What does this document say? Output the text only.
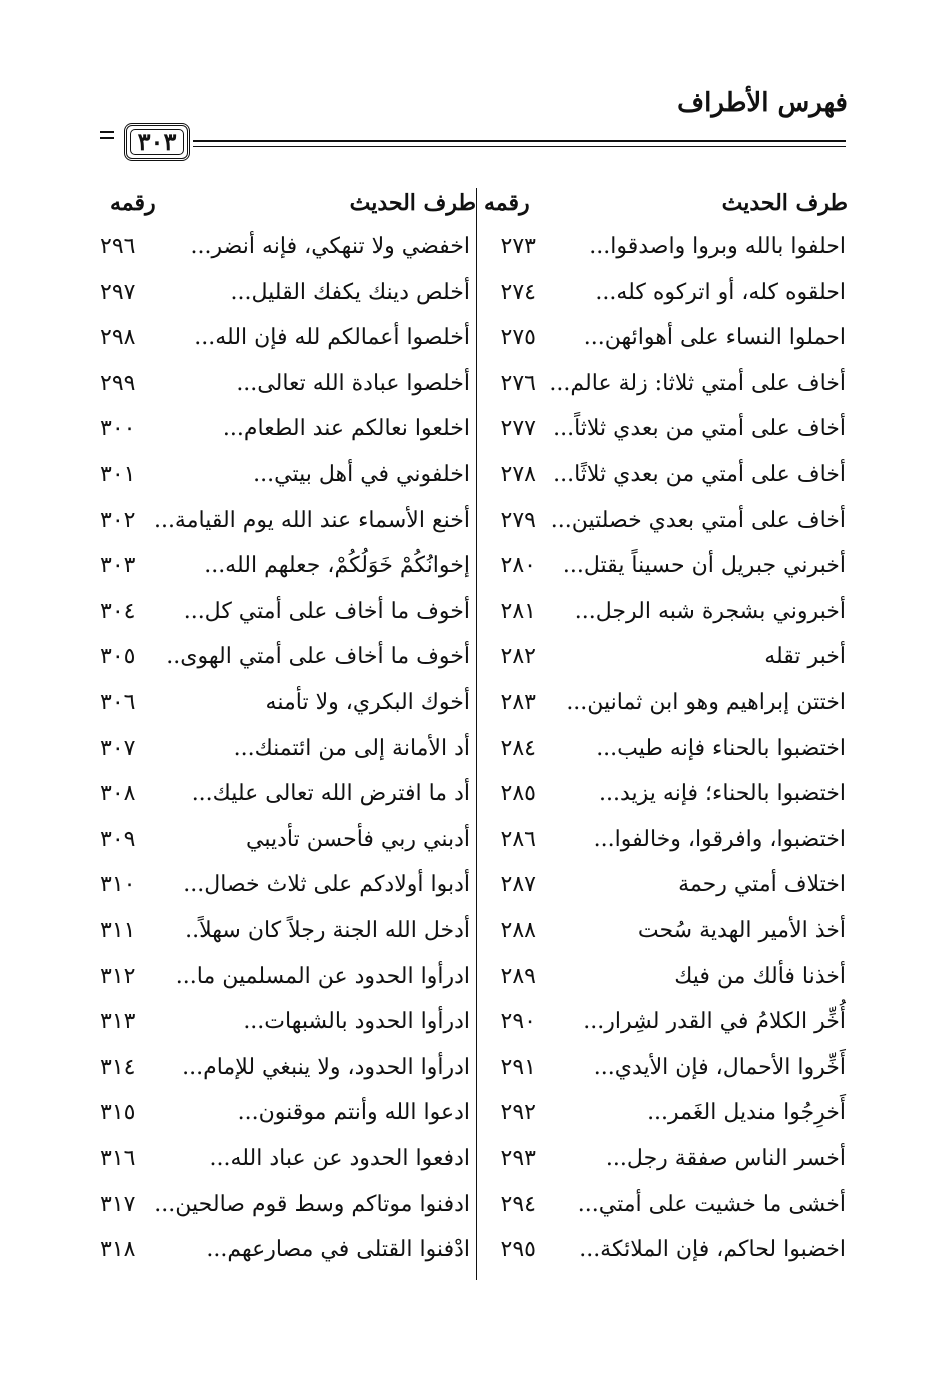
فهرس الأطراف
٣٠٣
طرف الحديث
رقمه
طرف الحديث
رقمه
احلفوا بالله وبروا واصدقوا...
٢٧٣
احلقوه كله، أو اتركوه كله...
٢٧٤
احملوا النساء على أهوائهن...
٢٧٥
أخاف على أمتي ثلاثا: زلة عالم...
٢٧٦
أخاف على أمتي من بعدي ثلاثاً...
٢٧٧
أخاف على أمتي من بعدي ثلاثًا...
٢٧٨
أخاف على أمتي بعدي خصلتين...
٢٧٩
أخبرني جبريل أن حسيناً يقتل...
٢٨٠
أخبروني بشجرة شبه الرجل...
٢٨١
أخبر تقله
٢٨٢
اختتن إبراهيم وهو ابن ثمانين...
٢٨٣
اختضبوا بالحناء فإنه طيب...
٢٨٤
اختضبوا بالحناء؛ فإنه يزيد...
٢٨٥
اختضبوا، وافرقوا، وخالفوا...
٢٨٦
اختلاف أمتي رحمة
٢٨٧
أخذ الأمير الهدية سُحت
٢٨٨
أخذنا فألك من فيك
٢٨٩
أُخِّر الكلامُ في القدر لشِرار...
٢٩٠
أَخِّروا الأحمال، فإن الأيدي...
٢٩١
أَخرِجُوا منديل الغَمر...
٢٩٢
أخسر الناس صفقة رجل...
٢٩٣
أخشى ما خشيت على أمتي...
٢٩٤
اخضبوا لحاكم، فإن الملائكة...
٢٩٥
اخفضي ولا تنهكي، فإنه أنضر...
٢٩٦
أخلص دينك يكفك القليل...
٢٩٧
أخلصوا أعمالكم لله فإن الله...
٢٩٨
أخلصوا عبادة الله تعالى...
٢٩٩
اخلعوا نعالكم عند الطعام...
٣٠٠
اخلفوني في أهل بيتي...
٣٠١
أخنع الأسماء عند الله يوم القيامة...
٣٠٢
إخوانُكُمْ خَوَلُكُمْ، جعلهم الله...
٣٠٣
أخوف ما أخاف على أمتي كل...
٣٠٤
أخوف ما أخاف على أمتي الهوى..
٣٠٥
أخوك البكري، ولا تأمنه
٣٠٦
أد الأمانة إلى من ائتمنك...
٣٠٧
أد ما افترض الله تعالى عليك...
٣٠٨
أدبني ربي فأحسن تأديبي
٣٠٩
أدبوا أولادكم على ثلاث خصال...
٣١٠
أدخل الله الجنة رجلاً كان سهلاً..
٣١١
ادرأوا الحدود عن المسلمين ما...
٣١٢
ادرأوا الحدود بالشبهات...
٣١٣
ادرأوا الحدود، ولا ينبغي للإمام...
٣١٤
ادعوا الله وأنتم موقنون...
٣١٥
ادفعوا الحدود عن عباد الله...
٣١٦
ادفنوا موتاكم وسط قوم صالحين...
٣١٧
ادْفنوا القتلى في مصارعهم...
٣١٨
